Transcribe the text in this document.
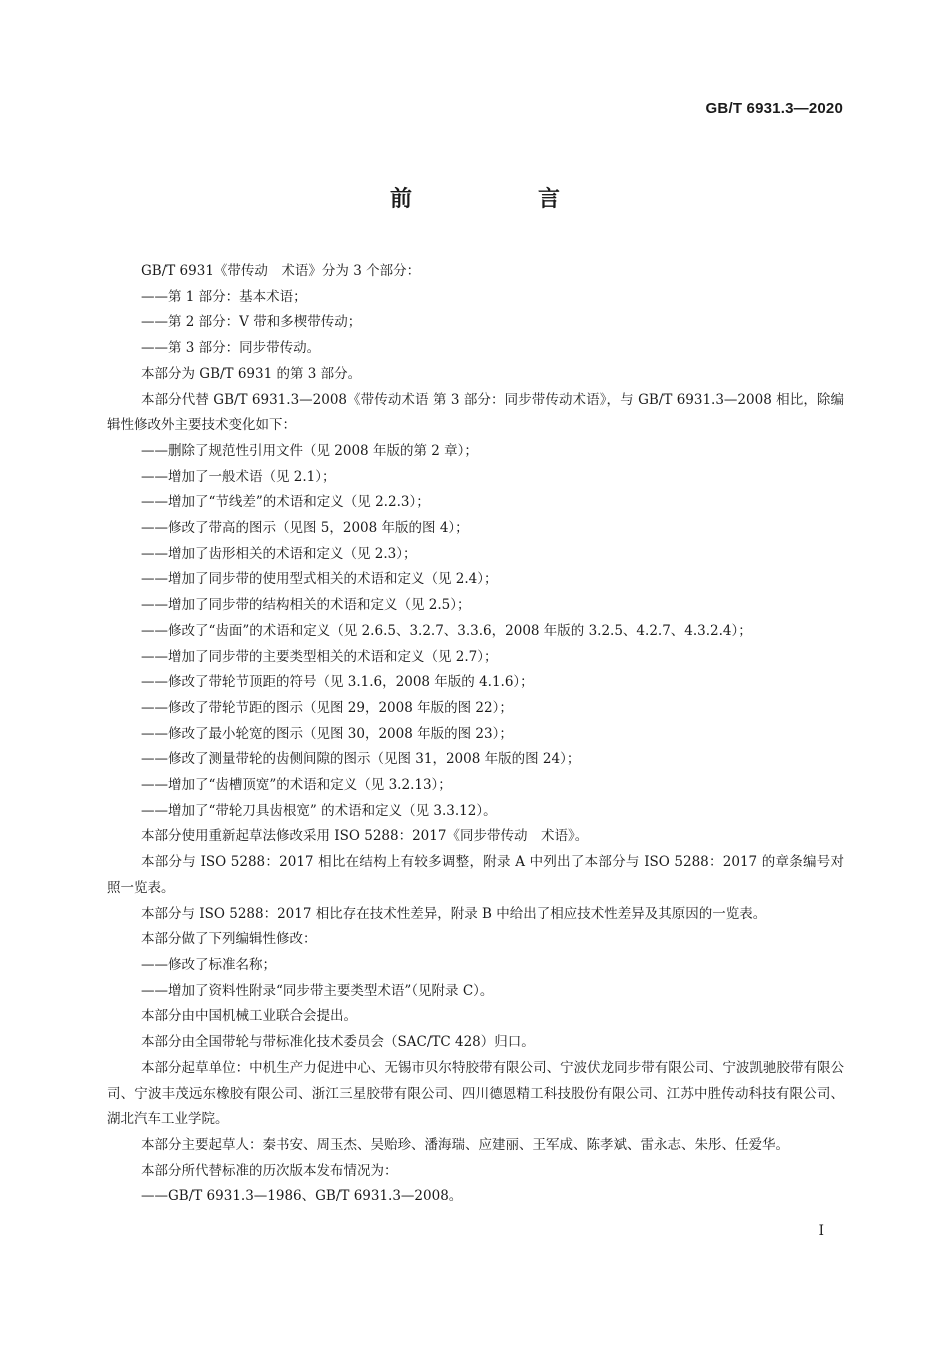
GB/T 6931.3—2020
前　言

GB/T 6931《带传动　术语》分为 3 个部分：

——第 1 部分：基本术语；

——第 2 部分：V 带和多楔带传动；

——第 3 部分：同步带传动。

本部分为 GB/T 6931 的第 3 部分。

本部分代替 GB/T 6931.3—2008《带传动术语 第 3 部分：同步带传动术语》，与 GB/T 6931.3—2008 相比，除编辑性修改外主要技术变化如下：

——删除了规范性引用文件（见 2008 年版的第 2 章）；

——增加了一般术语（见 2.1）；

——增加了“节线差”的术语和定义（见 2.2.3）；

——修改了带高的图示（见图 5，2008 年版的图 4）；

——增加了齿形相关的术语和定义（见 2.3）；

——增加了同步带的使用型式相关的术语和定义（见 2.4）；

——增加了同步带的结构相关的术语和定义（见 2.5）；

——修改了“齿面”的术语和定义（见 2.6.5、3.2.7、3.3.6，2008 年版的 3.2.5、4.2.7、4.3.2.4）；

——增加了同步带的主要类型相关的术语和定义（见 2.7）；

——修改了带轮节顶距的符号（见 3.1.6，2008 年版的 4.1.6）；

——修改了带轮节距的图示（见图 29，2008 年版的图 22）；

——修改了最小轮宽的图示（见图 30，2008 年版的图 23）；

——修改了测量带轮的齿侧间隙的图示（见图 31，2008 年版的图 24）；

——增加了“齿槽顶宽”的术语和定义（见 3.2.13）；

——增加了“带轮刀具齿根宽” 的术语和定义（见 3.3.12）。

本部分使用重新起草法修改采用 ISO 5288：2017《同步带传动　术语》。

本部分与 ISO 5288：2017 相比在结构上有较多调整，附录 A 中列出了本部分与 ISO 5288：2017 的章条编号对照一览表。

本部分与 ISO 5288：2017 相比存在技术性差异，附录 B 中给出了相应技术性差异及其原因的一览表。

本部分做了下列编辑性修改：

——修改了标准名称；

——增加了资料性附录“同步带主要类型术语”（见附录 C）。

本部分由中国机械工业联合会提出。

本部分由全国带轮与带标准化技术委员会（SAC/TC 428）归口。

本部分起草单位：中机生产力促进中心、无锡市贝尔特胶带有限公司、宁波伏龙同步带有限公司、宁波凯驰胶带有限公司、宁波丰茂远东橡胶有限公司、浙江三星胶带有限公司、四川德恩精工科技股份有限公司、江苏中胜传动科技有限公司、湖北汽车工业学院。

本部分主要起草人：秦书安、周玉杰、吴贻珍、潘海瑞、应建丽、王军成、陈孝斌、雷永志、朱彤、任爱华。

本部分所代替标准的历次版本发布情况为：

——GB/T 6931.3—1986、GB/T 6931.3—2008。

I
